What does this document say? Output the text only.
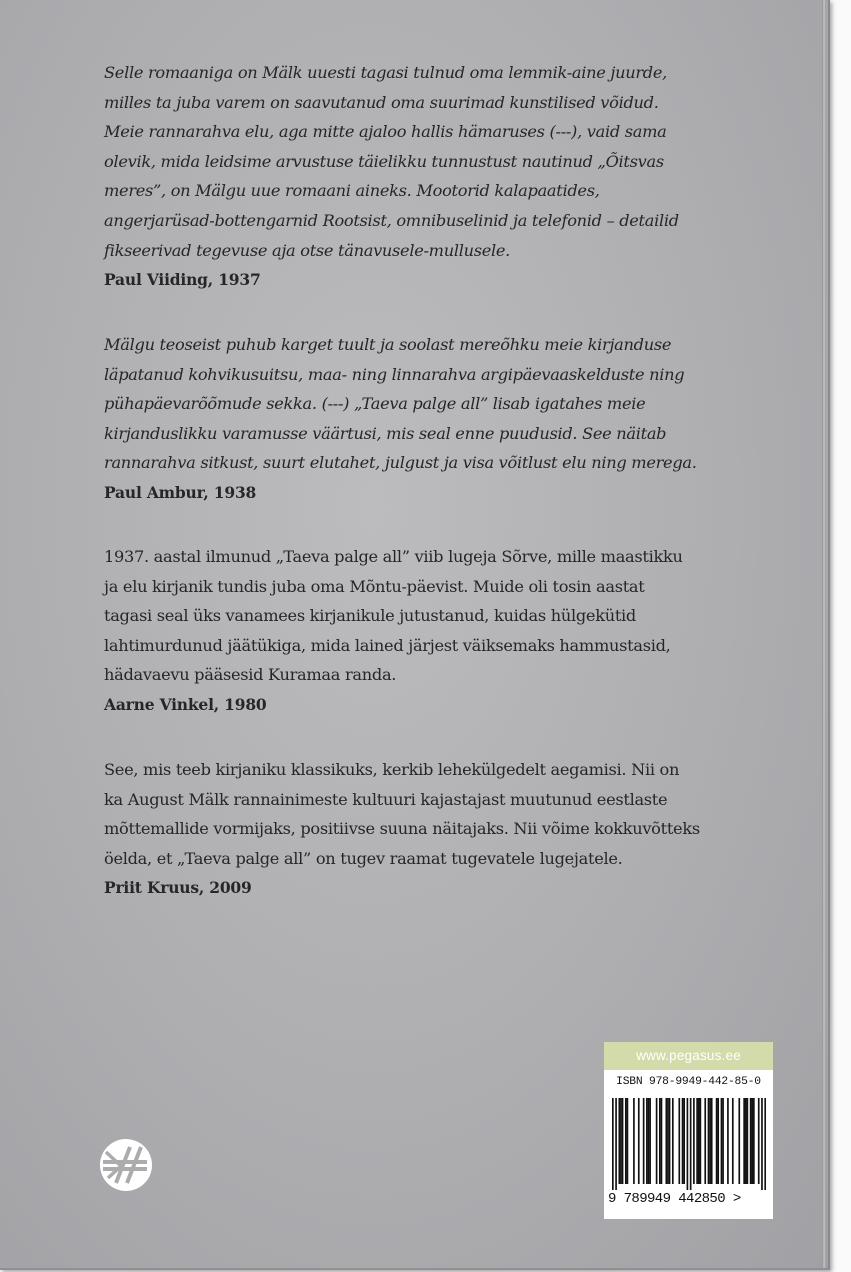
Selle romaaniga on Mälk uuesti tagasi tulnud oma lemmik-aine juurde,
milles ta juba varem on saavutanud oma suurimad kunstilised võidud.
Meie rannarahva elu, aga mitte ajaloo hallis hämaruses (---), vaid sama
olevik, mida leidsime arvustuse täielikku tunnustust nautinud „Õitsvas
meres”, on Mälgu uue romaani aineks. Mootorid kalapaatides,
angerjarüsad-bottengarnid Rootsist, omnibuselinid ja telefonid – detailid
fikseerivad tegevuse aja otse tänavusele-mullusele.

Paul Viiding, 1937

Mälgu teoseist puhub karget tuult ja soolast mereõhku meie kirjanduse
läpatanud kohvikusuitsu, maa- ning linnarahva argipäevaaskelduste ning
pühapäevarõõmude sekka. (---) „Taeva palge all” lisab igatahes meie
kirjanduslikku varamusse väärtusi, mis seal enne puudusid. See näitab
rannarahva sitkust, suurt elutahet, julgust ja visa võitlust elu ning merega.

Paul Ambur, 1938

1937. aastal ilmunud „Taeva palge all” viib lugeja Sõrve, mille maastikku
ja elu kirjanik tundis juba oma Mõntu-päevist. Muide oli tosin aastat
tagasi seal üks vanamees kirjanikule jutustanud, kuidas hülgekütid
lahtimurdunud jäätükiga, mida lained järjest väiksemaks hammustasid,
hädavaevu pääsesid Kuramaa randa.

Aarne Vinkel, 1980

See, mis teeb kirjaniku klassikuks, kerkib lehekülgedelt aegamisi. Nii on
ka August Mälk rannainimeste kultuuri kajastajast muutunud eestlaste
mõttemallide vormijaks, positiivse suuna näitajaks. Nii võime kokkuvõtteks
öelda, et „Taeva palge all” on tugev raamat tugevatele lugejatele.

Priit Kruus, 2009

www.pegasus.ee
ISBN 978-9949-442-85-0
9 789949 442850 >
